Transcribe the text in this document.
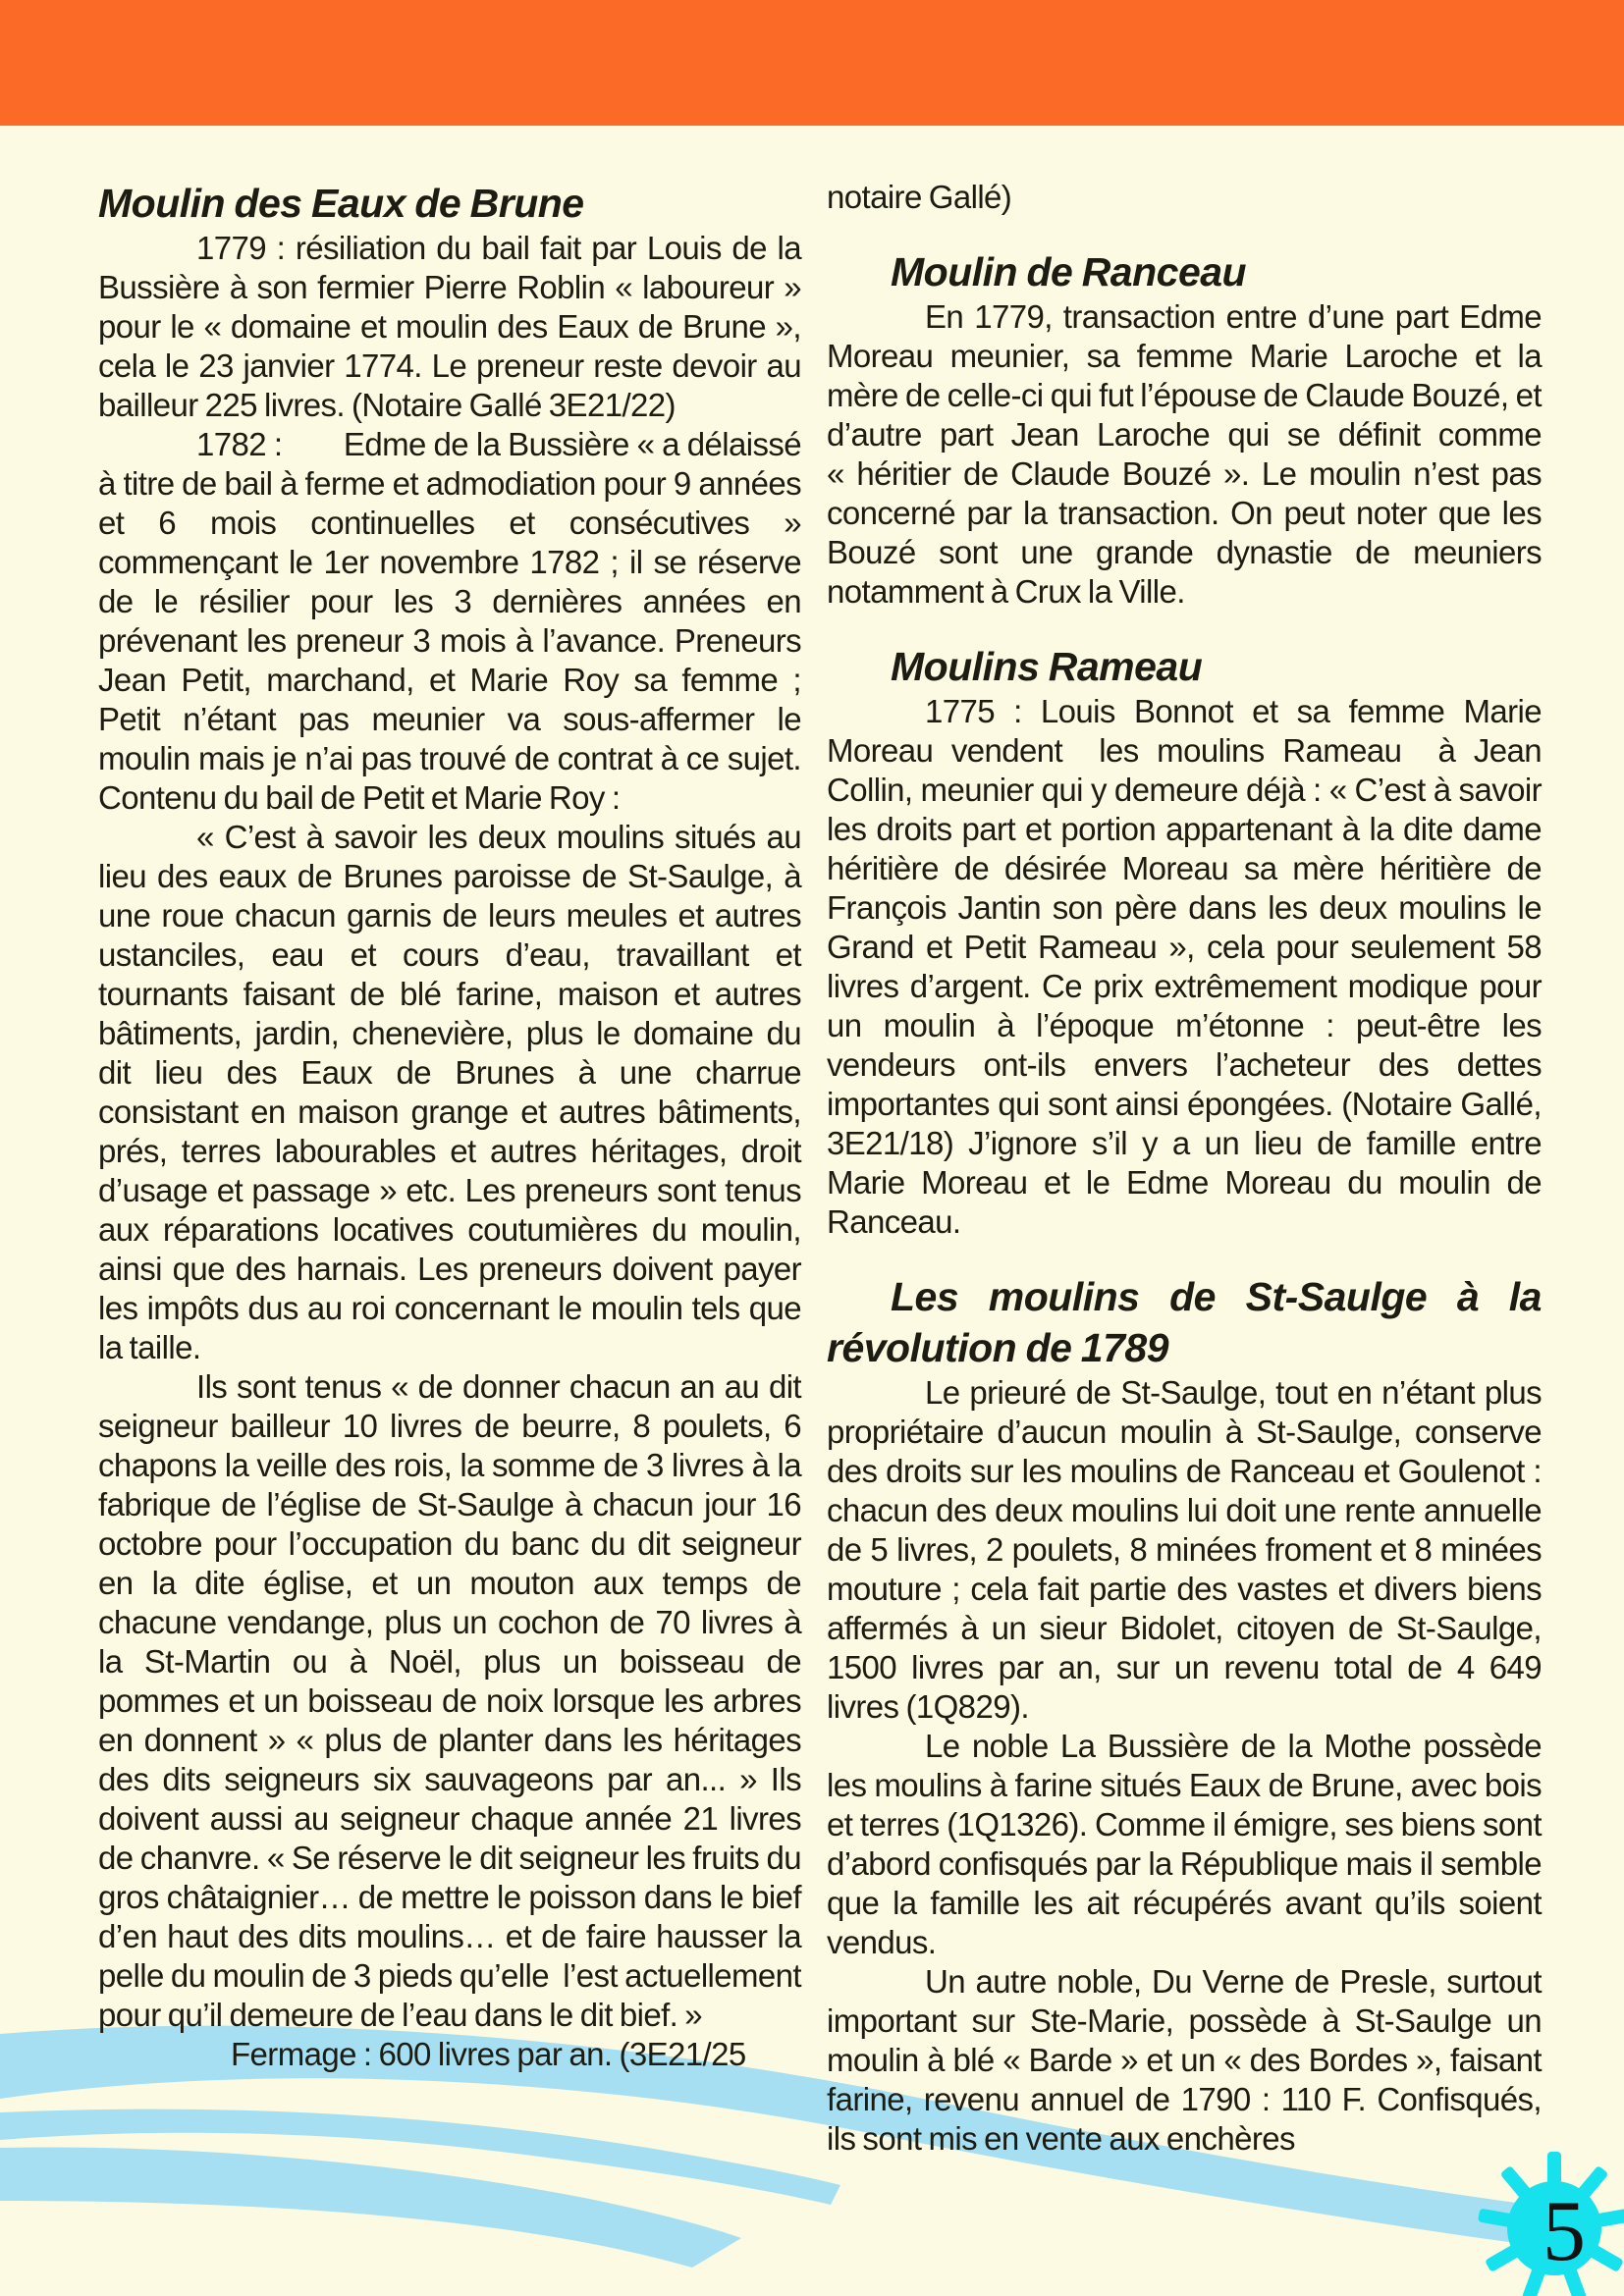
5
Moulin des Eaux de Brune

1779 : résiliation du bail fait par Louis de la Bussière à son fermier Pierre Roblin « laboureur » pour le « domaine et moulin des Eaux de Brune », cela le 23 janvier 1774. Le preneur reste devoir au bailleur 225 livres. (Notaire Gallé 3E21/22)

1782 :        Edme de la Bussière « a délaissé à titre de bail à ferme et admodiation pour 9 années et 6 mois continuelles et consécutives » commençant le 1er novembre 1782 ; il se réserve de le résilier pour les 3 dernières années en prévenant les preneur 3 mois à l’avance. Preneurs Jean Petit, marchand, et Marie Roy sa femme ; Petit n’étant pas meunier va sous-affermer le moulin mais je n’ai pas trouvé de contrat à ce sujet. Contenu du bail de Petit et Marie Roy :

« C’est à savoir les deux moulins situés au lieu des eaux de Brunes paroisse de St-Saulge, à une roue chacun garnis de leurs meules et autres ustanciles, eau et cours d’eau, travaillant et tournants faisant de blé farine, maison et autres bâtiments, jardin, chenevière, plus le domaine du dit lieu des Eaux de Brunes à une charrue consistant en maison grange et autres bâtiments, prés, terres labourables et autres héritages, droit d’usage et passage » etc. Les preneurs sont tenus aux réparations locatives coutumières du moulin, ainsi que des harnais. Les preneurs doivent payer les impôts dus au roi concernant le moulin tels que la taille.

Ils sont tenus « de donner chacun an au dit seigneur bailleur 10 livres de beurre, 8 poulets, 6 chapons la veille des rois, la somme de 3 livres à la fabrique de l’église de St-Saulge à chacun jour 16 octobre pour l’occupation du banc du dit seigneur en la dite église, et un mouton aux temps de chacune vendange, plus un cochon de 70 livres à la St-Martin ou à Noël, plus un boisseau de pommes et un boisseau de noix lorsque les arbres en donnent » « plus de planter dans les héritages des dits seigneurs six sauvageons par an... » Ils doivent aussi au seigneur chaque année 21 livres de chanvre. « Se réserve le dit seigneur les fruits du gros châtaignier… de mettre le poisson dans le bief d’en haut des dits moulins… et de faire hausser la pelle du moulin de 3 pieds qu’elle  l’est actuellement pour qu’il demeure de l’eau dans le dit bief. »

Fermage : 600 livres par an. (3E21/25

notaire Gallé)

Moulin de Ranceau

En 1779, transaction entre d’une part Edme Moreau meunier, sa femme Marie Laroche et la mère de celle-ci qui fut l’épouse de Claude Bouzé, et d’autre part Jean Laroche qui se définit comme « héritier de Claude Bouzé ». Le moulin n’est pas concerné par la transaction. On peut noter que les Bouzé sont une grande dynastie de meuniers notamment à Crux la Ville.

Moulins Rameau

1775 : Louis Bonnot et sa femme Marie Moreau vendent  les moulins Rameau  à Jean Collin, meunier qui y demeure déjà : « C’est à savoir les droits part et portion appartenant à la dite dame héritière de désirée Moreau sa mère héritière de François Jantin son père dans les deux moulins le Grand et Petit Rameau », cela pour seulement 58 livres d’argent. Ce prix extrêmement modique pour un moulin à l’époque m’étonne : peut-être les vendeurs ont-ils envers l’acheteur des dettes importantes qui sont ainsi épongées. (Notaire Gallé, 3E21/18) J’ignore s’il y a un lieu de famille entre Marie Moreau et le Edme Moreau du moulin de Ranceau.

Les moulins de St-Saulge à la révolution de 1789

Le prieuré de St-Saulge, tout en n’étant plus propriétaire d’aucun moulin à St-Saulge, conserve des droits sur les moulins de Ranceau et Goulenot : chacun des deux moulins lui doit une rente annuelle de 5 livres, 2 poulets, 8 minées froment et 8 minées mouture ; cela fait partie des vastes et divers biens affermés à un sieur Bidolet, citoyen de St-Saulge, 1500 livres par an, sur un revenu total de 4 649 livres (1Q829).

Le noble La Bussière de la Mothe possède les moulins à farine situés Eaux de Brune, avec bois et terres (1Q1326). Comme il émigre, ses biens sont d’abord confisqués par la République mais il semble que la famille les ait récupérés avant qu’ils soient vendus.

Un autre noble, Du Verne de Presle, surtout important sur Ste-Marie, possède à St-Saulge un moulin à blé « Barde » et un « des Bordes », faisant farine, revenu annuel de 1790 : 110 F. Confisqués, ils sont mis en vente aux enchères
